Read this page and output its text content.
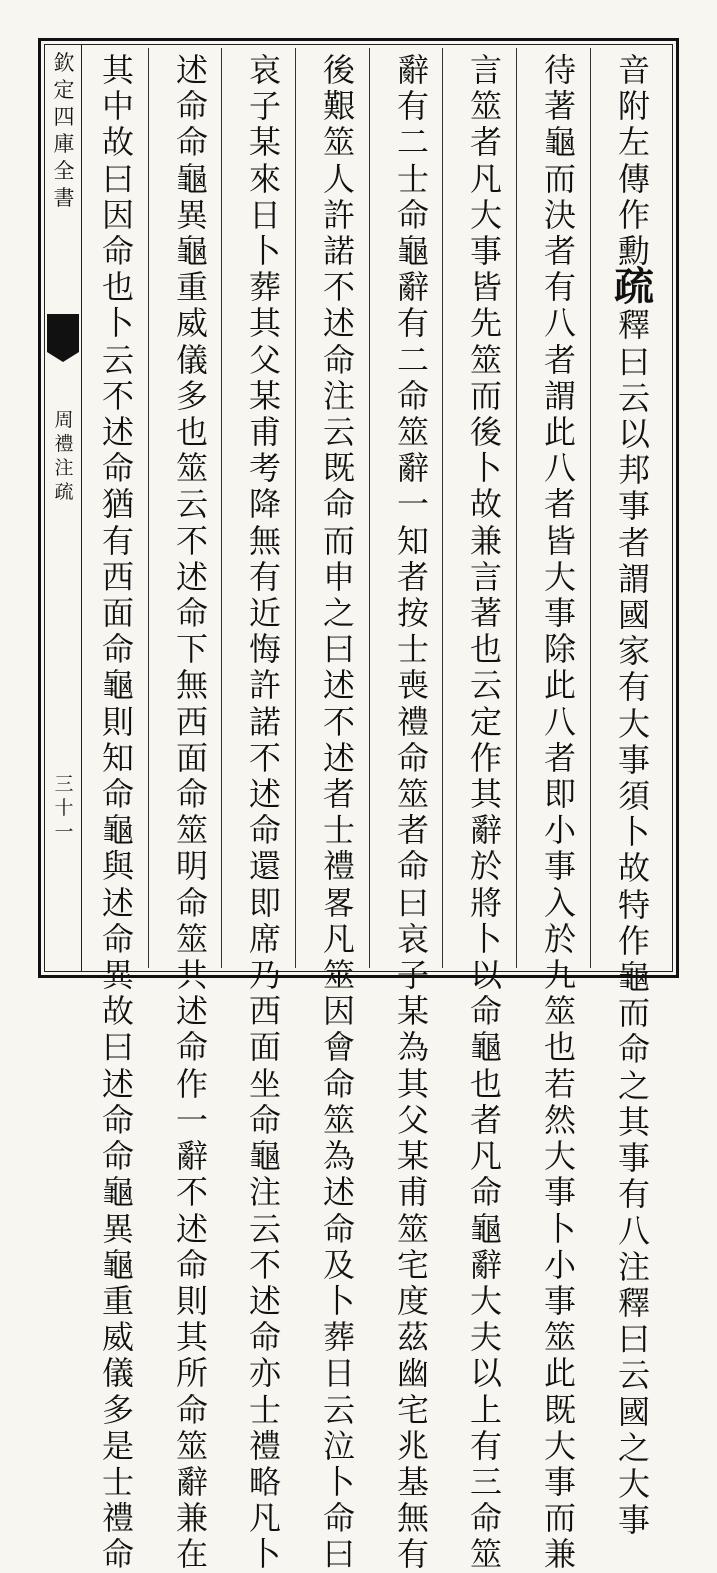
欽定四庫全書
周禮注疏
三十一
音附左傳作勳疏釋曰云以邦事者謂國家有大事須卜故特作龜而命之其事有八注釋曰云國之大事
待著龜而決者有八者謂此八者皆大事除此八者即小事入於九筮也若然大事卜小事筮此既大事而兼
言筮者凡大事皆先筮而後卜故兼言著也云定作其辭於將卜以命龜也者凡命龜辭大夫以上有三命筮
辭有二士命龜辭有二命筮辭一知者按士喪禮命筮者命曰哀子某為其父某甫筮宅度茲幽宅兆基無有
後艱筮人許諾不述命注云既命而申之曰述不述者士禮畧凡筮因會命筮為述命及卜葬日云泣卜命曰
哀子某來日卜葬其父某甫考降無有近悔許諾不述命還即席乃西面坐命龜注云不述命亦士禮略凡卜
述命命龜異龜重威儀多也筮云不述命下無西面命筮明命筮共述命作一辭不述命則其所命筮辭兼在
其中故曰因命也卜云不述命猶有西面命龜則知命龜與述命異故曰述命命龜異龜重威儀多是士禮命
